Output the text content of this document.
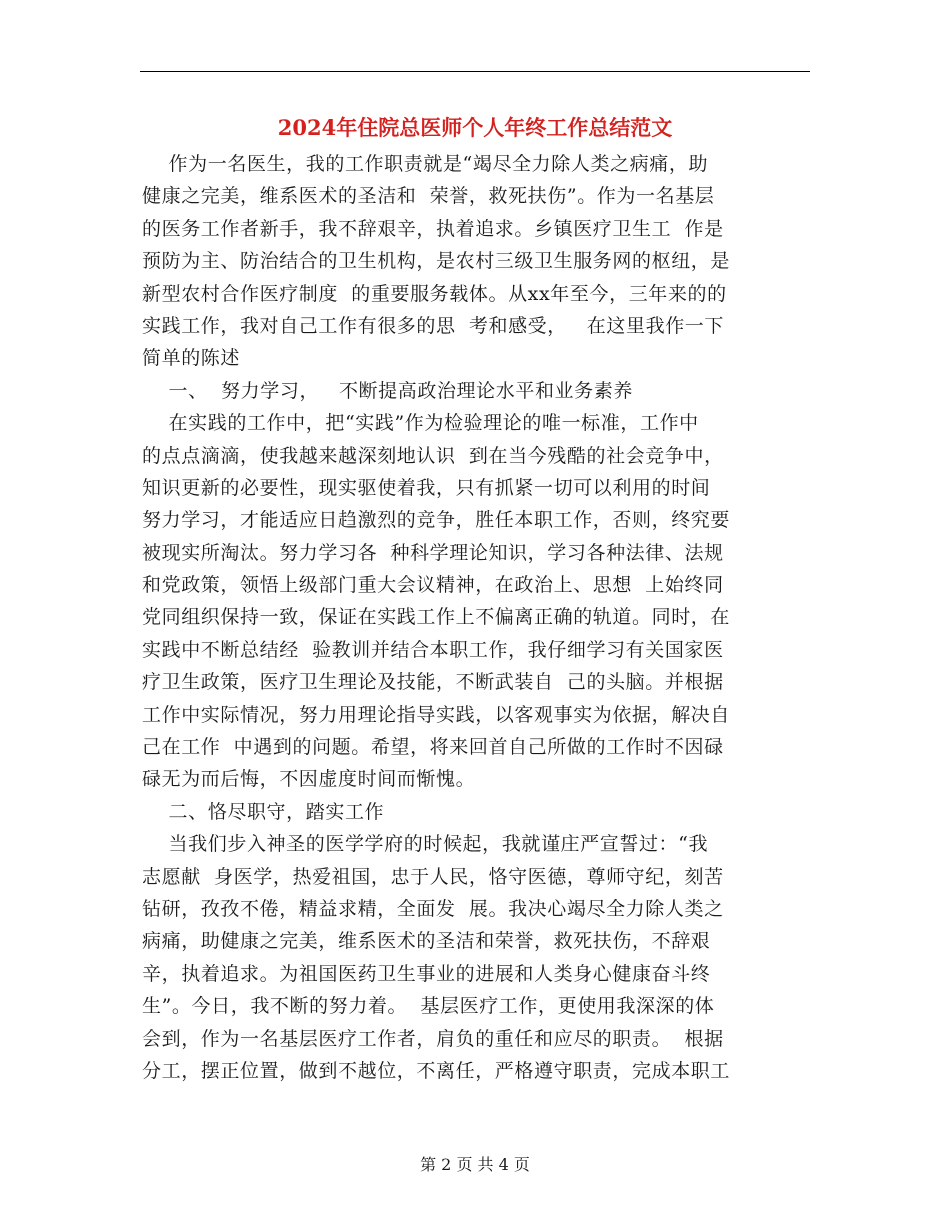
2024年住院总医师个人年终工作总结范文
作为一名医生，我的工作职责就是“竭尽全力除人类之病痛，助
健康之完美，维系医术的圣洁和  荣誉，救死扶伤”。作为一名基层
的医务工作者新手，我不辞艰辛，执着追求。乡镇医疗卫生工  作是
预防为主、防治结合的卫生机构，是农村三级卫生服务网的枢纽，是
新型农村合作医疗制度  的重要服务载体。从xx年至今，三年来的的
实践工作，我对自己工作有很多的思  考和感受，   在这里我作一下
简单的陈述
一、  努力学习，   不断提高政治理论水平和业务素养
在实践的工作中，把“实践”作为检验理论的唯一标准，工作中
的点点滴滴，使我越来越深刻地认识  到在当今残酷的社会竞争中，
知识更新的必要性，现实驱使着我，只有抓紧一切可以利用的时间
努力学习，才能适应日趋激烈的竞争，胜任本职工作，否则，终究要
被现实所淘汰。努力学习各  种科学理论知识，学习各种法律、法规
和党政策，领悟上级部门重大会议精神，在政治上、思想  上始终同
党同组织保持一致，保证在实践工作上不偏离正确的轨道。同时，在
实践中不断总结经  验教训并结合本职工作，我仔细学习有关国家医
疗卫生政策，医疗卫生理论及技能，不断武装自  己的头脑。并根据
工作中实际情况，努力用理论指导实践，以客观事实为依据，解决自
己在工作  中遇到的问题。希望，将来回首自己所做的工作时不因碌
碌无为而后悔，不因虚度时间而惭愧。
二、恪尽职守，踏实工作
当我们步入神圣的医学学府的时候起，我就谨庄严宣誓过：“我
志愿献  身医学，热爱祖国，忠于人民，恪守医德，尊师守纪，刻苦
钻研，孜孜不倦，精益求精，全面发  展。我决心竭尽全力除人类之
病痛，助健康之完美，维系医术的圣洁和荣誉，救死扶伤，不辞艰
辛，执着追求。为祖国医药卫生事业的进展和人类身心健康奋斗终
生”。今日，我不断的努力着。  基层医疗工作，更使用我深深的体
会到，作为一名基层医疗工作者，肩负的重任和应尽的职责。  根据
分工，摆正位置，做到不越位，不离任，严格遵守职责，完成本职工
第 2 页 共 4 页
